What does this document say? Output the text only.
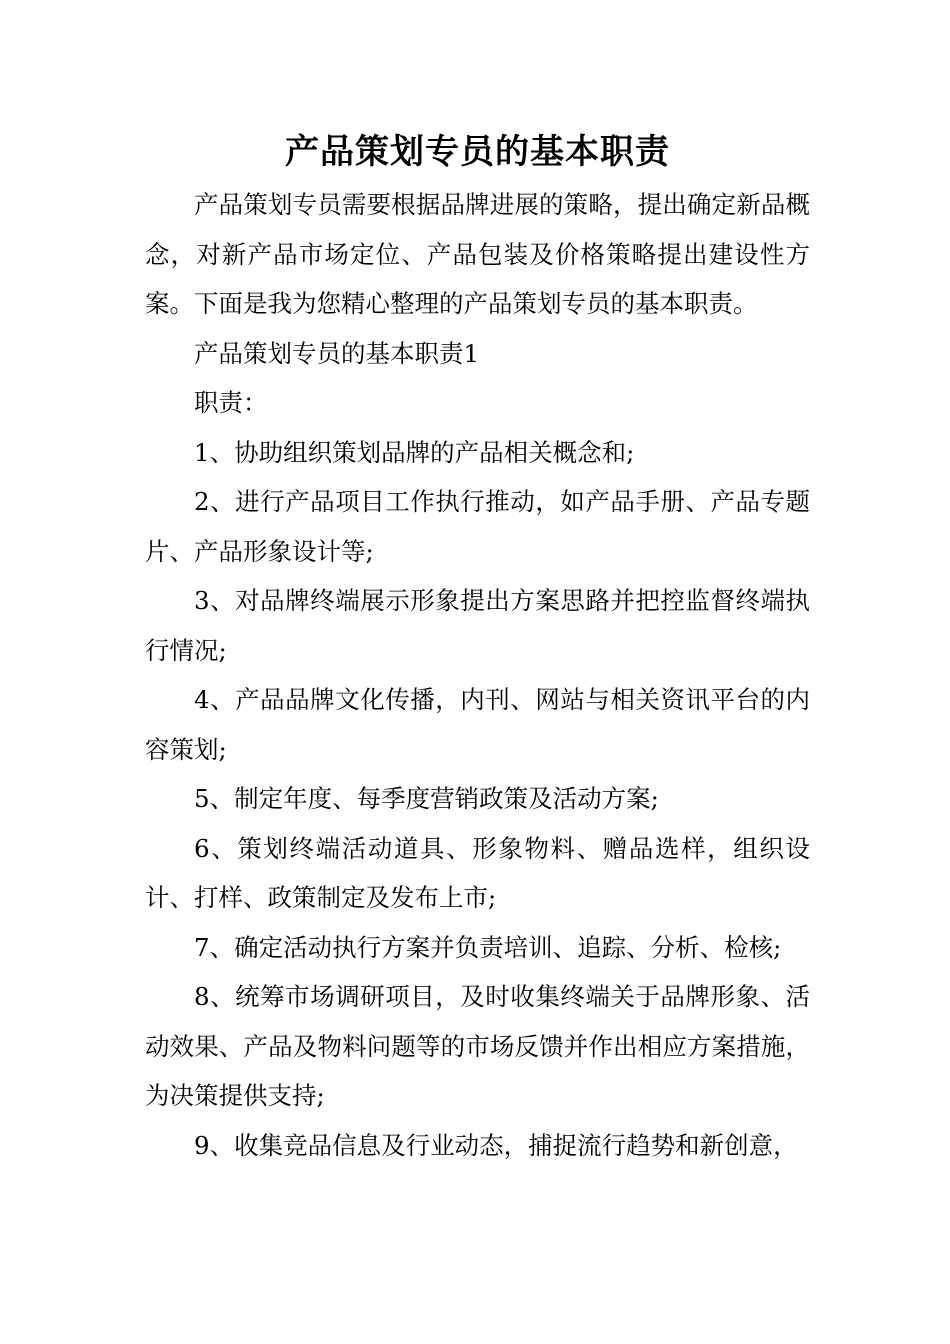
产品策划专员的基本职责

产品策划专员需要根据品牌进展的策略，提出确定新品概念，对新产品市场定位、产品包装及价格策略提出建设性方案。下面是我为您精心整理的产品策划专员的基本职责。

产品策划专员的基本职责1

职责：

1、协助组织策划品牌的产品相关概念和;

2、进行产品项目工作执行推动，如产品手册、产品专题片、产品形象设计等;

3、对品牌终端展示形象提出方案思路并把控监督终端执行情况;

4、产品品牌文化传播，内刊、网站与相关资讯平台的内容策划;

5、制定年度、每季度营销政策及活动方案;

6、策划终端活动道具、形象物料、赠品选样，组织设计、打样、政策制定及发布上市;

7、确定活动执行方案并负责培训、追踪、分析、检核;

8、统筹市场调研项目，及时收集终端关于品牌形象、活动效果、产品及物料问题等的市场反馈并作出相应方案措施，为决策提供支持;

9、收集竞品信息及行业动态，捕捉流行趋势和新创意，
